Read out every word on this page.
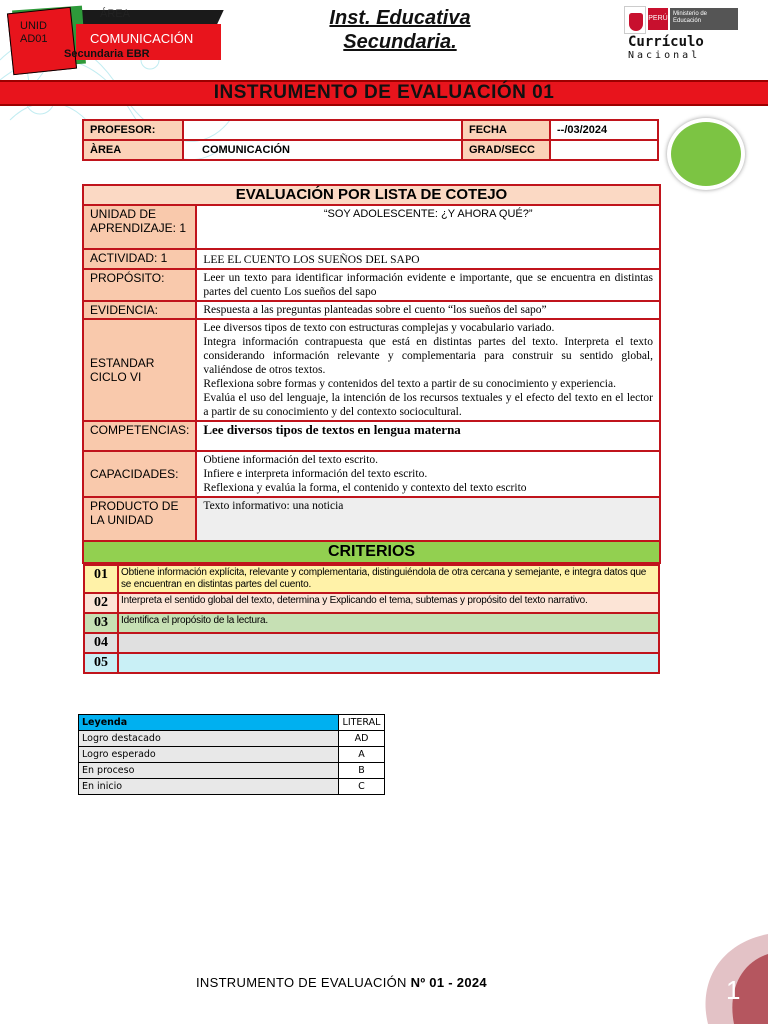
ÁREA
UNID AD01	COMUNICACIÓN
Secundaria EBR
Inst. Educativa Secundaria.
PERÚ
Ministerio de Educación
Currículo
Nacional
INSTRUMENTO DE EVALUACIÓN 01
PROFESOR:		FECHA	--/03/2024
ÀREA	COMUNICACIÓN	GRAD/SECC	
EVALUACIÓN POR LISTA DE COTEJO
UNIDAD DE APRENDIZAJE: 1	“SOY ADOLESCENTE: ¿Y AHORA QUÉ?”
ACTIVIDAD: 1	LEE EL CUENTO LOS SUEÑOS DEL SAPO
PROPÓSITO:	Leer un texto para identificar información evidente e importante, que se encuentra en distintas partes del cuento Los sueños del sapo
EVIDENCIA:	Respuesta a las preguntas planteadas sobre el cuento “los sueños del sapo”
ESTANDAR CICLO VI	
Lee diversos tipos de texto con estructuras complejas y vocabulario variado.
Integra información contrapuesta que está en distintas partes del texto. Interpreta el texto considerando información relevante y complementaria para construir su sentido global, valiéndose de otros textos.
Reflexiona sobre formas y contenidos del texto a partir de su conocimiento y experiencia.
Evalúa el uso del lenguaje, la intención de los recursos textuales y el efecto del texto en el lector a partir de su conocimiento y del contexto sociocultural.

COMPETENCIAS:	Lee diversos tipos de textos en lengua materna
CAPACIDADES:	
Obtiene información del texto escrito.
Infiere e interpreta información del texto escrito.
Reflexiona y evalúa la forma, el contenido y contexto del texto escrito

PRODUCTO DE LA UNIDAD	Texto informativo: una noticia
CRITERIOS

01	Obtiene información explícita, relevante y complementaria, distinguiéndola de otra cercana y semejante, e integra datos que se encuentran en distintas partes del cuento.
02	Interpreta el sentido global del texto, determina y Explicando el tema, subtemas y propósito del texto narrativo.
03	Identifica el propósito de la lectura.
04	
05	
Leyenda	LITERAL
Logro destacado	AD
Logro esperado	A
En proceso	B
En inicio	C
INSTRUMENTO DE EVALUACIÓN Nº 01 - 2024	1
